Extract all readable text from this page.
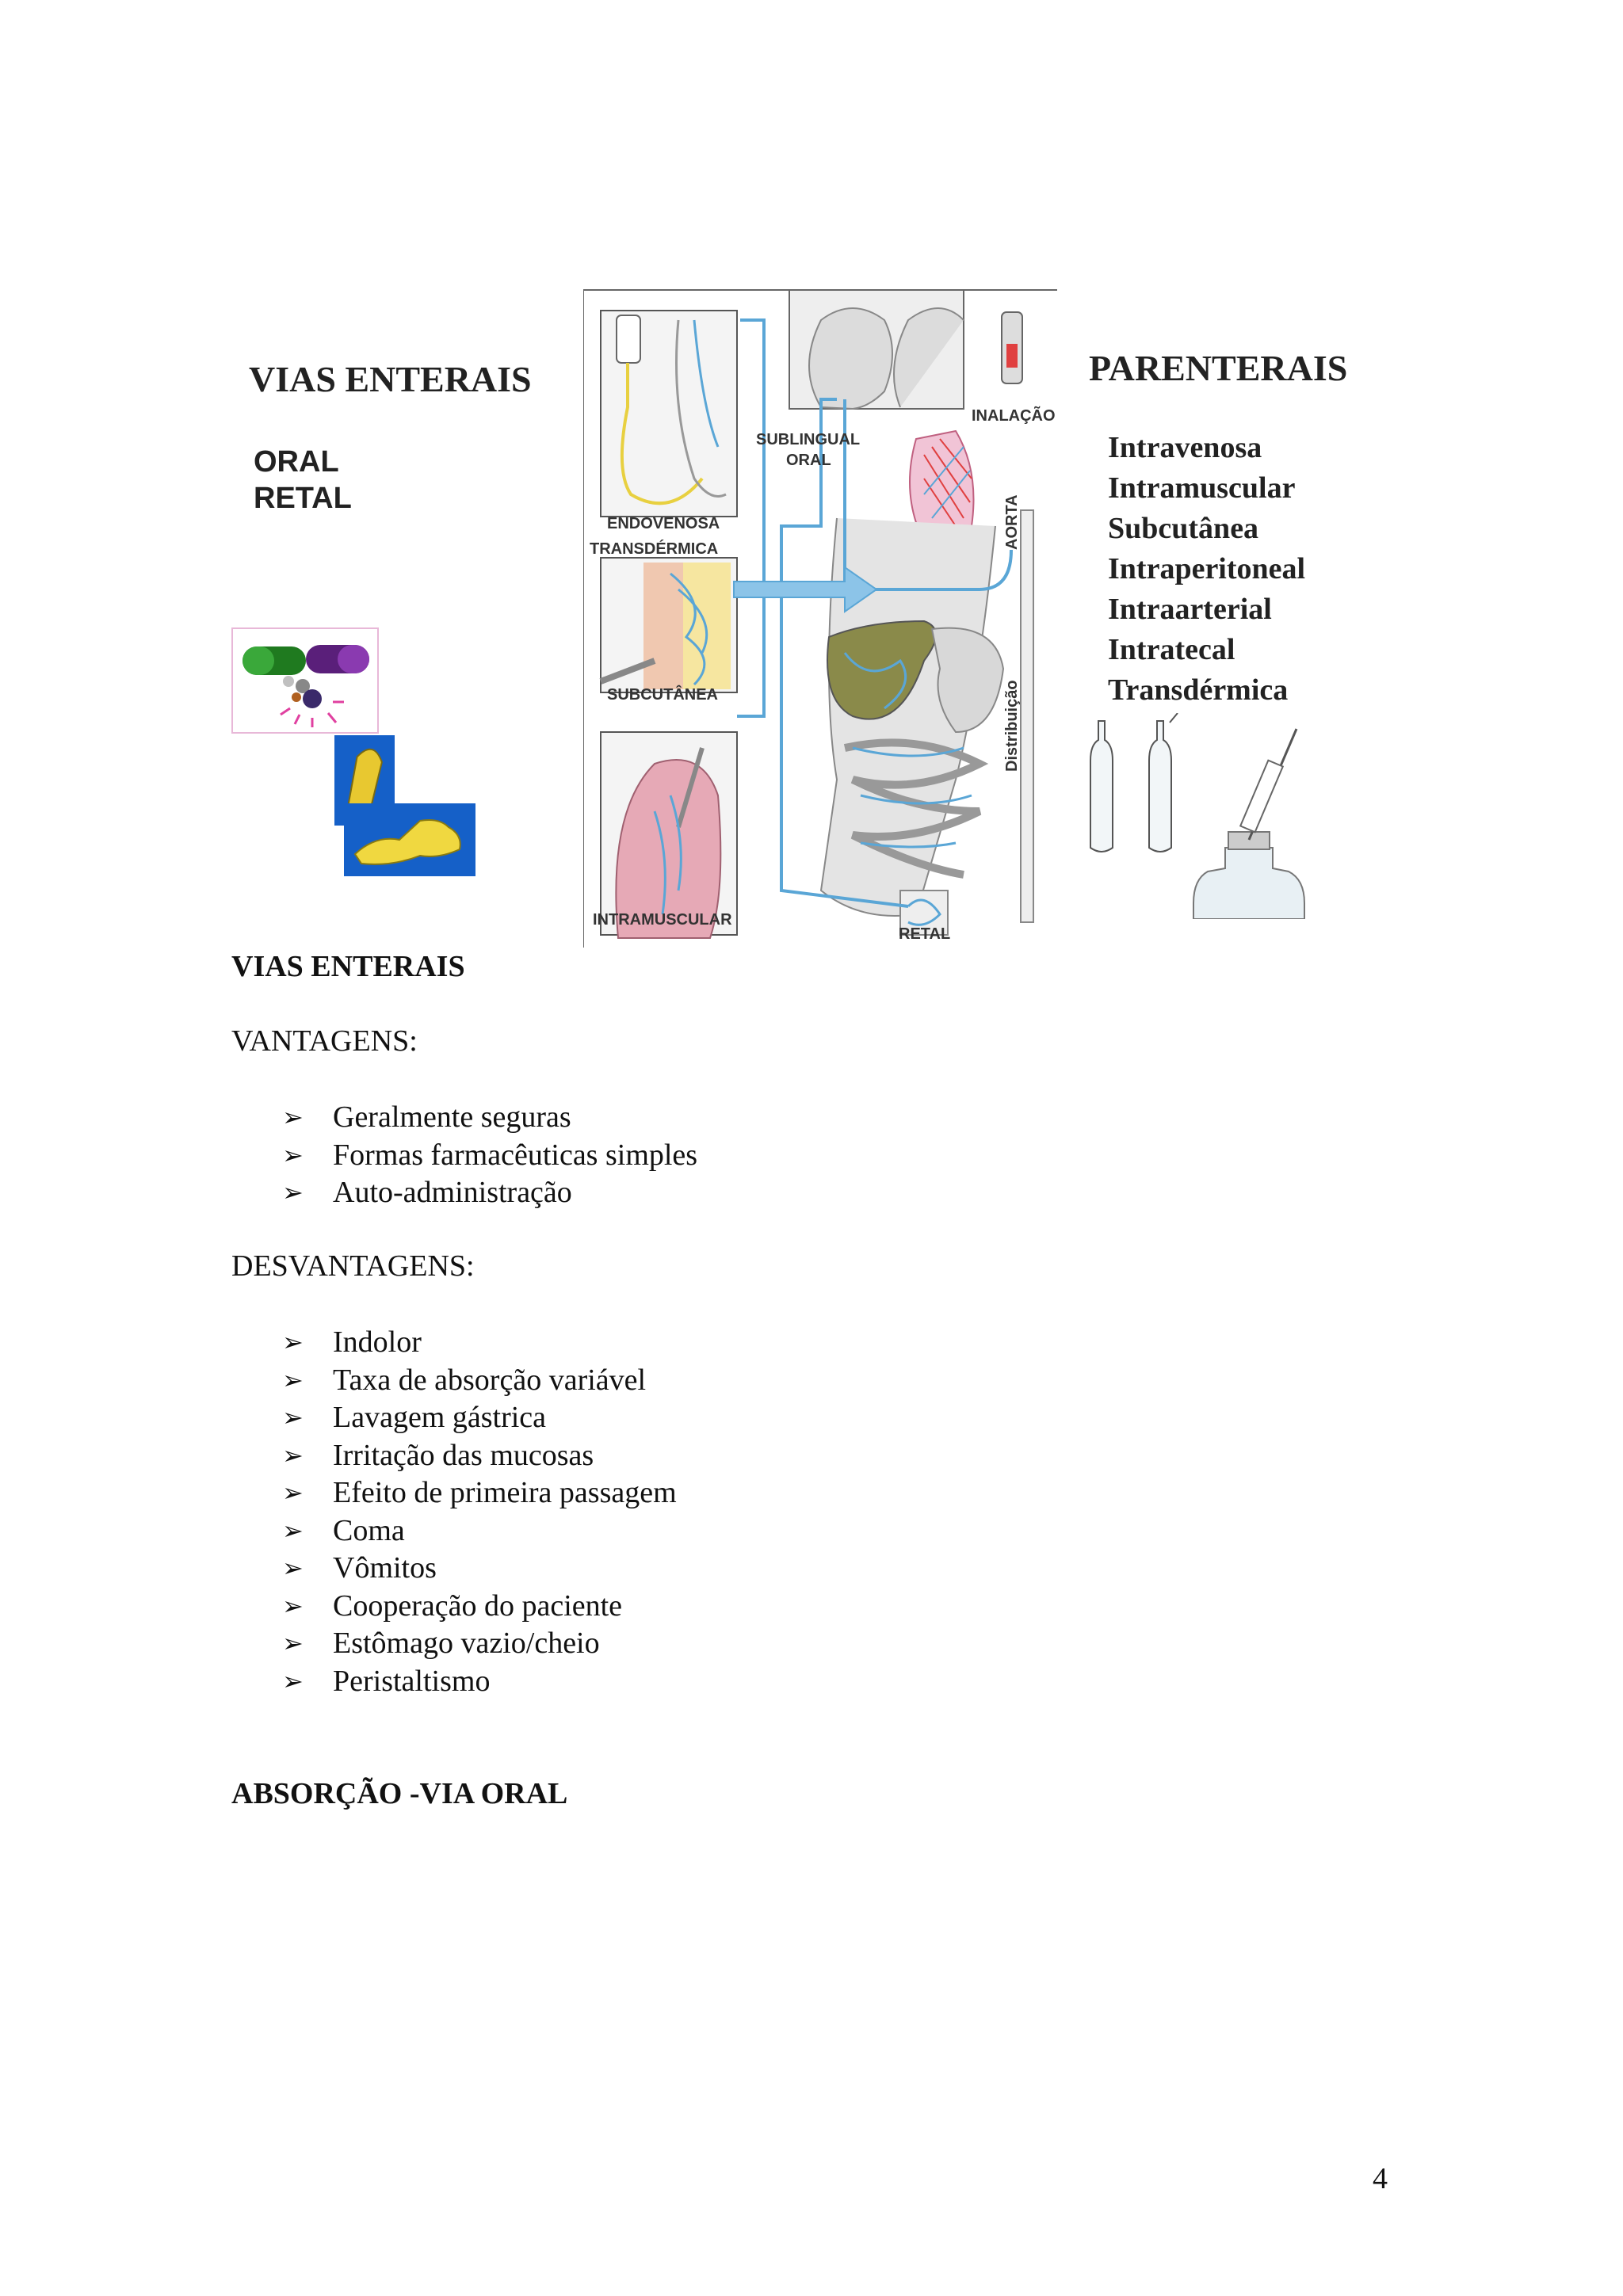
VIAS ENTERAIS
ORAL
RETAL
ENDOVENOSA
TRANSDÉRMICA
SUBCUTÂNEA
INTRAMUSCULAR
SUBLINGUAL
ORAL
INALAÇÃO
AORTA
Distribuição
RETAL
PARENTERAIS
Intravenosa
Intramuscular
Subcutânea
Intraperitoneal
Intraarterial
Intratecal
Transdérmica
VIAS ENTERAIS
VANTAGENS:
➢ Geralmente seguras
➢ Formas farmacêuticas simples
➢ Auto-administração
DESVANTAGENS:
➢ Indolor
➢ Taxa de absorção variável
➢ Lavagem gástrica
➢ Irritação das mucosas
➢ Efeito de primeira passagem
➢ Coma
➢ Vômitos
➢ Cooperação do paciente
➢ Estômago vazio/cheio
➢ Peristaltismo
ABSORÇÃO -VIA ORAL
4
